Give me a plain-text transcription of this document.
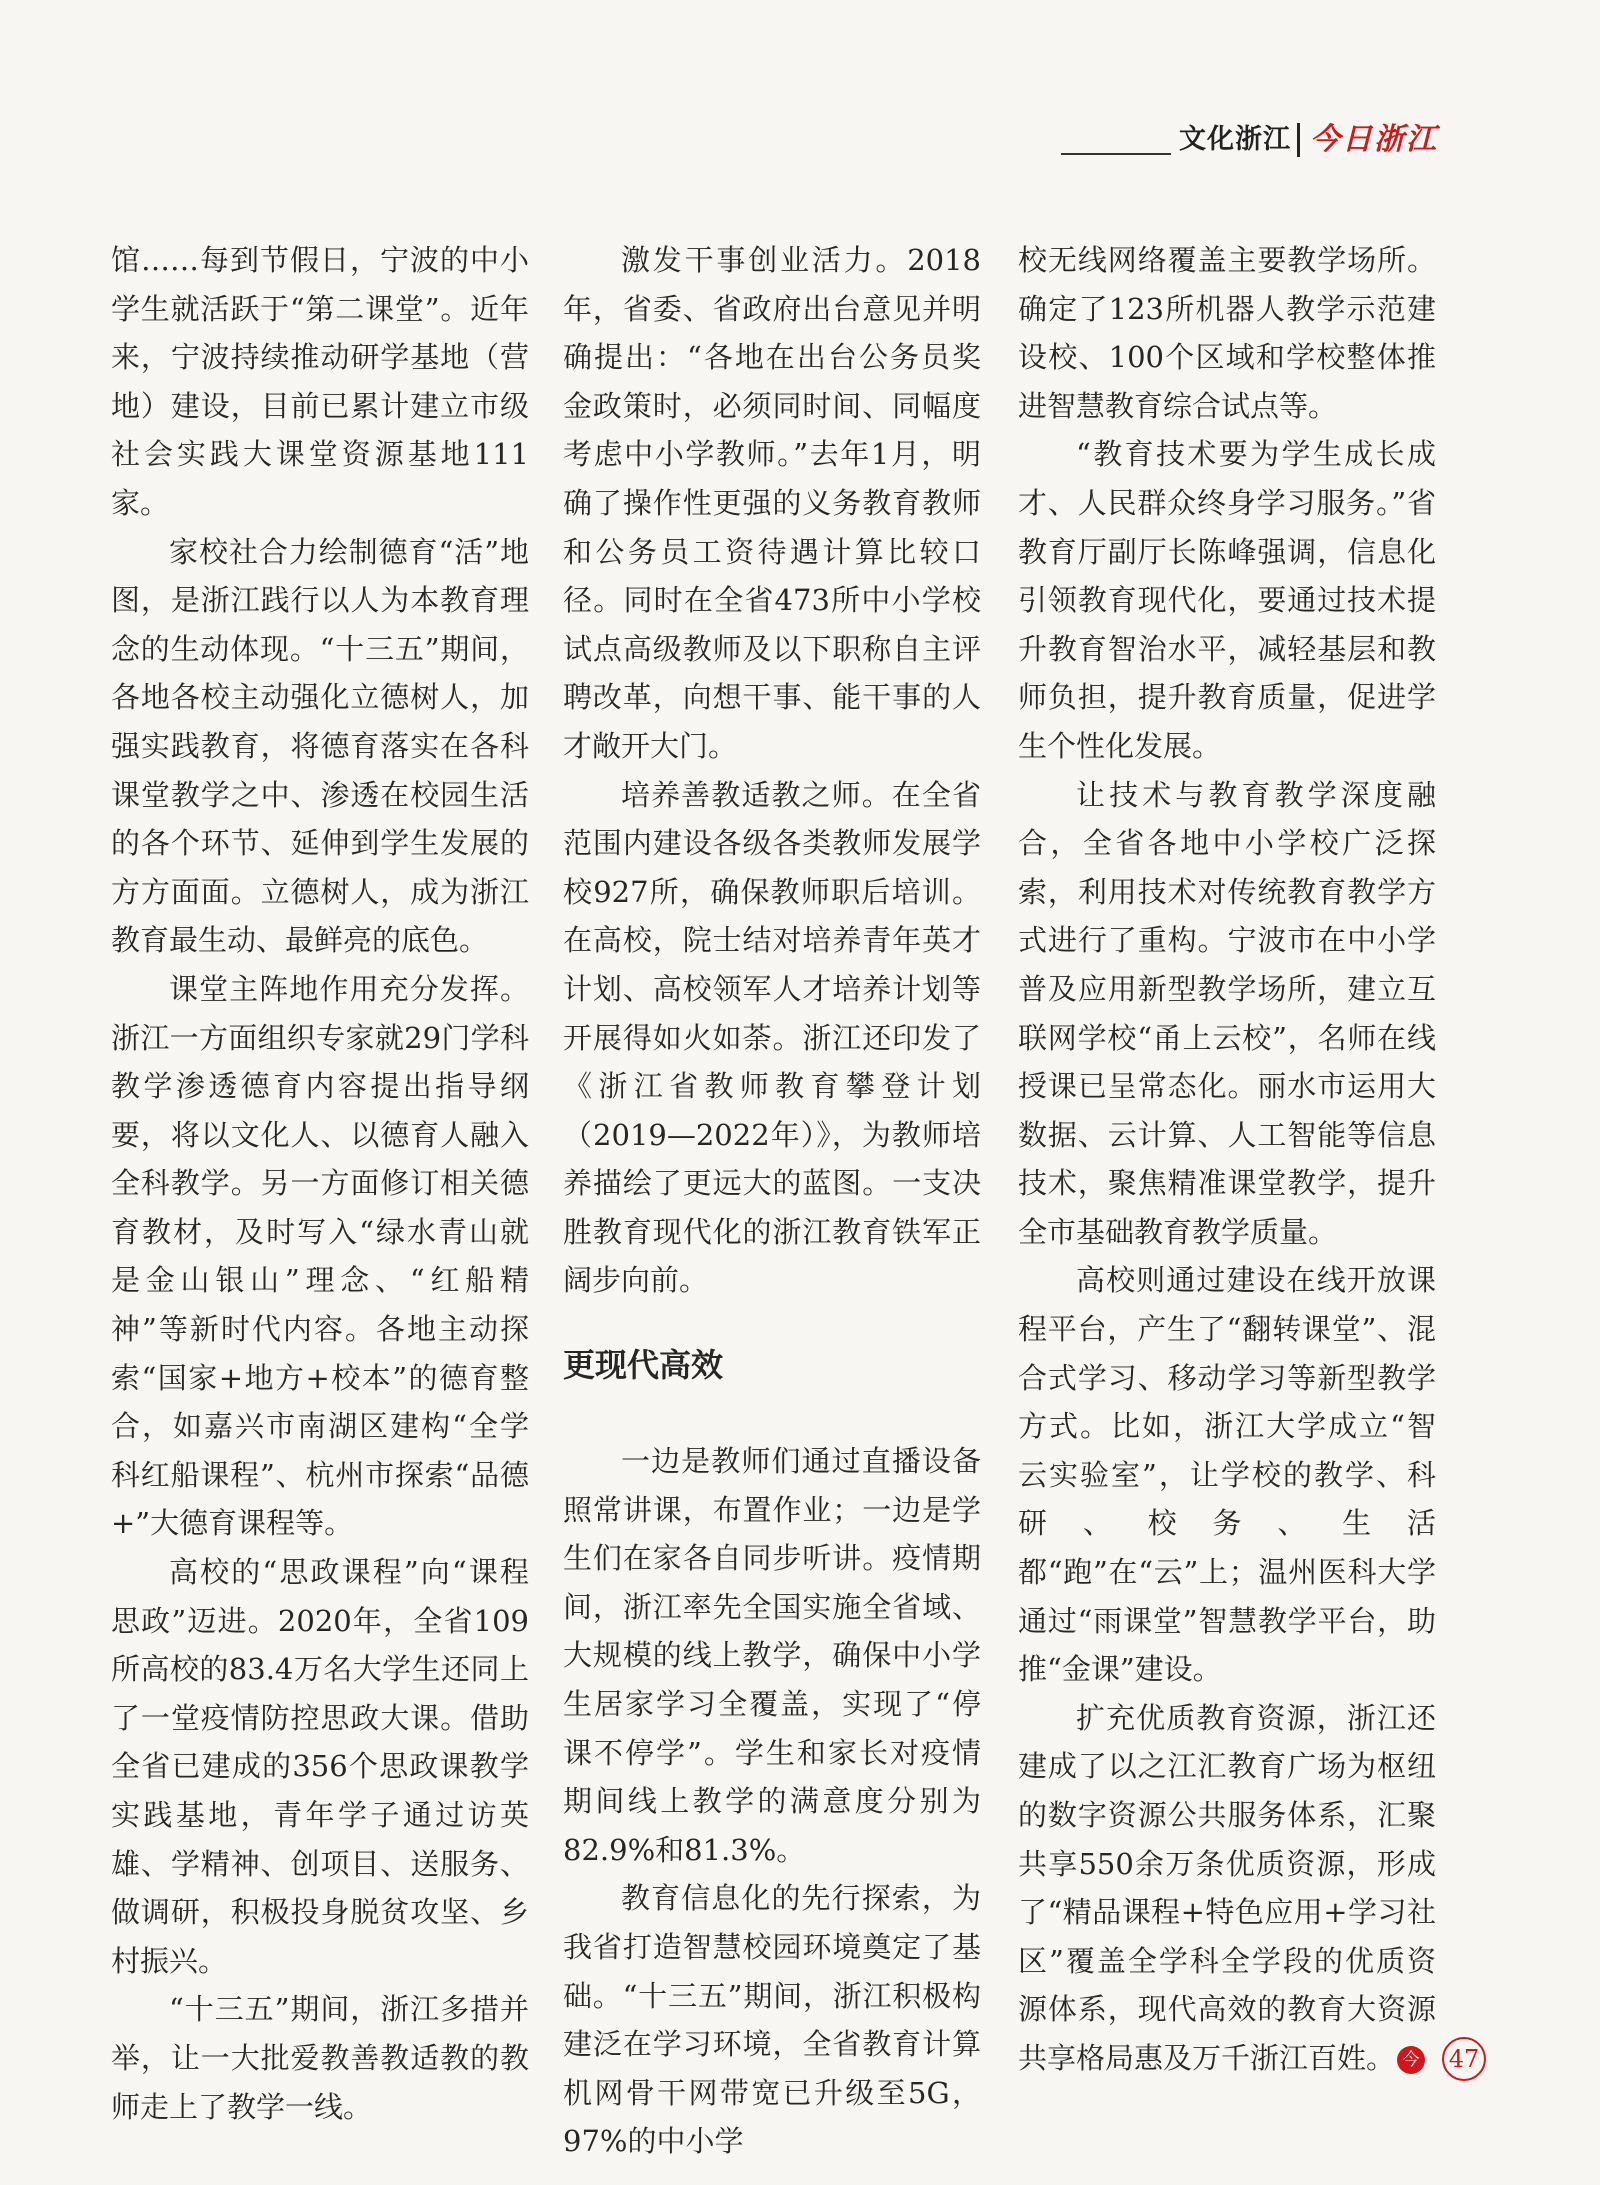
文化浙江 今日浙江

馆……每到节假日，宁波的中小学生就活跃于“第二课堂”。近年来，宁波持续推动研学基地（营地）建设，目前已累计建立市级社会实践大课堂资源基地111家。

家校社合力绘制德育“活”地图，是浙江践行以人为本教育理念的生动体现。“十三五”期间，各地各校主动强化立德树人，加强实践教育，将德育落实在各科课堂教学之中、渗透在校园生活的各个环节、延伸到学生发展的方方面面。立德树人，成为浙江教育最生动、最鲜亮的底色。

课堂主阵地作用充分发挥。浙江一方面组织专家就29门学科教学渗透德育内容提出指导纲要，将以文化人、以德育人融入全科教学。另一方面修订相关德育教材，及时写入“绿水青山就是金山银山”理念、“红船精神”等新时代内容。各地主动探索“国家+地方+校本”的德育整合，如嘉兴市南湖区建构“全学科红船课程”、杭州市探索“品德+”大德育课程等。

高校的“思政课程”向“课程思政”迈进。2020年，全省109所高校的83.4万名大学生还同上了一堂疫情防控思政大课。借助全省已建成的356个思政课教学实践基地，青年学子通过访英雄、学精神、创项目、送服务、做调研，积极投身脱贫攻坚、乡村振兴。

“十三五”期间，浙江多措并举，让一大批爱教善教适教的教师走上了教学一线。

激发干事创业活力。2018年，省委、省政府出台意见并明确提出：“各地在出台公务员奖金政策时，必须同时间、同幅度考虑中小学教师。”去年1月，明确了操作性更强的义务教育教师和公务员工资待遇计算比较口径。同时在全省473所中小学校试点高级教师及以下职称自主评聘改革，向想干事、能干事的人才敞开大门。

培养善教适教之师。在全省范围内建设各级各类教师发展学校927所，确保教师职后培训。在高校，院士结对培养青年英才计划、高校领军人才培养计划等开展得如火如荼。浙江还印发了《浙江省教师教育攀登计划（2019—2022年）》，为教师培养描绘了更远大的蓝图。一支决胜教育现代化的浙江教育铁军正阔步向前。

更现代高效

一边是教师们通过直播设备照常讲课，布置作业；一边是学生们在家各自同步听讲。疫情期间，浙江率先全国实施全省域、大规模的线上教学，确保中小学生居家学习全覆盖，实现了“停课不停学”。学生和家长对疫情期间线上教学的满意度分别为82.9%和81.3%。

教育信息化的先行探索，为我省打造智慧校园环境奠定了基础。“十三五”期间，浙江积极构建泛在学习环境，全省教育计算机网骨干网带宽已升级至5G，97%的中小学

校无线网络覆盖主要教学场所。确定了123所机器人教学示范建设校、100个区域和学校整体推进智慧教育综合试点等。

“教育技术要为学生成长成才、人民群众终身学习服务。”省教育厅副厅长陈峰强调，信息化引领教育现代化，要通过技术提升教育智治水平，减轻基层和教师负担，提升教育质量，促进学生个性化发展。

让技术与教育教学深度融合，全省各地中小学校广泛探索，利用技术对传统教育教学方式进行了重构。宁波市在中小学普及应用新型教学场所，建立互联网学校“甬上云校”，名师在线授课已呈常态化。丽水市运用大数据、云计算、人工智能等信息技术，聚焦精准课堂教学，提升全市基础教育教学质量。

高校则通过建设在线开放课程平台，产生了“翻转课堂”、混合式学习、移动学习等新型教学方式。比如，浙江大学成立“智云实验室”，让学校的教学、科研、校务、生活都“跑”在“云”上；温州医科大学通过“雨课堂”智慧教学平台，助推“金课”建设。

扩充优质教育资源，浙江还建成了以之江汇教育广场为枢纽的数字资源公共服务体系，汇聚共享550余万条优质资源，形成了“精品课程+特色应用+学习社区”覆盖全学科全学段的优质资源体系，现代高效的教育大资源共享格局惠及万千浙江百姓。 今	47
